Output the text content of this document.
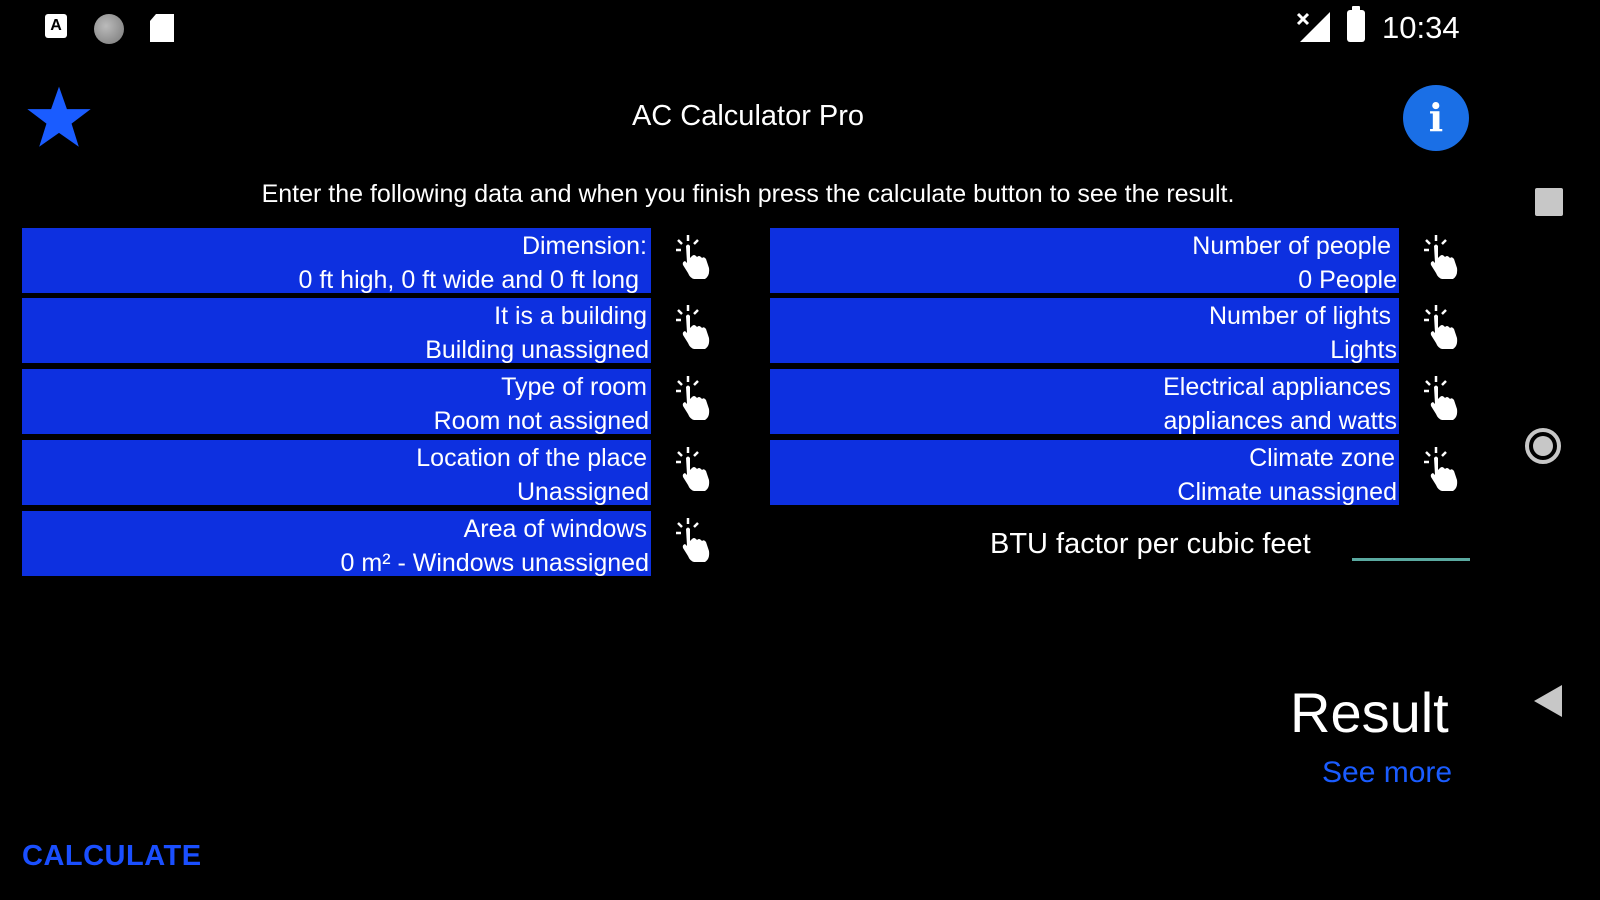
A	10:34
AC Calculator Pro	i
Enter the following data and when you finish press the calculate button to see the result.
Dimension:
0 ft high, 0 ft wide and 0 ft long
It is a building
Building unassigned
Type of room
Room not assigned
Location of the place
Unassigned
Area of windows
0 m² - Windows unassigned
Number of people
0 People
Number of lights
Lights
Electrical appliances
appliances and watts
Climate zone
Climate unassigned
BTU factor per cubic feet
Result
See more
CALCULATE
